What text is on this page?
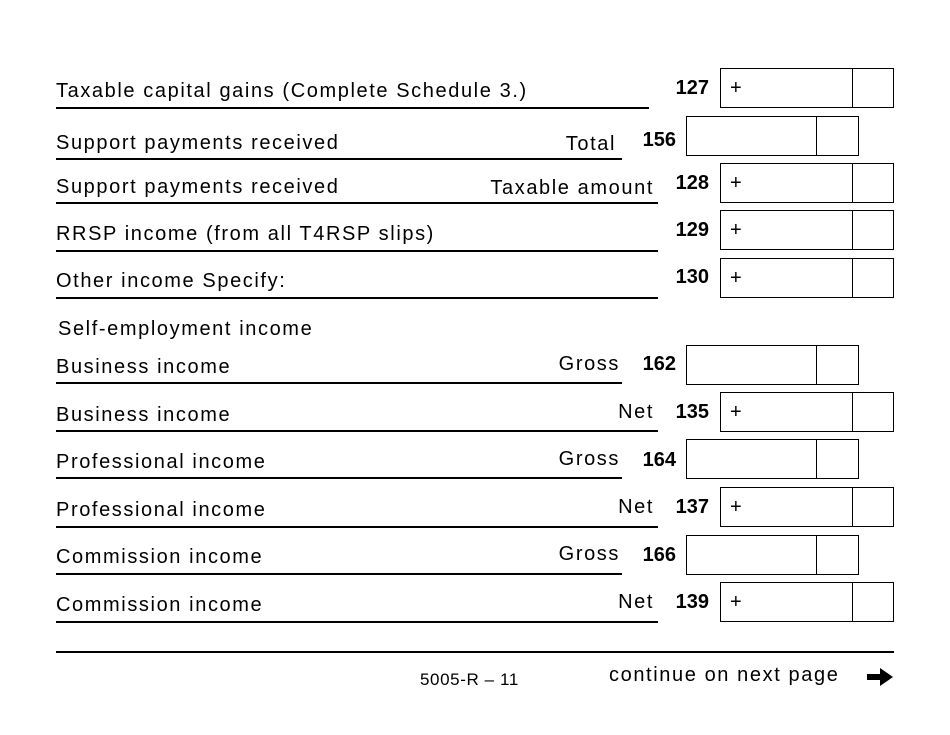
Taxable capital gains (Complete Schedule 3.)	127 +
Support payments received	Total	156
Support payments received	Taxable amount	128 +
RRSP income (from all T4RSP slips)	129 +
Other income Specify:	130 +
Self-employment income
Business income	Gross	162
Business income	Net	135 +
Professional income	Gross	164
Professional income	Net	137 +
Commission income	Gross	166
Commission income	Net	139 +
5005-R – 11	continue on next page
